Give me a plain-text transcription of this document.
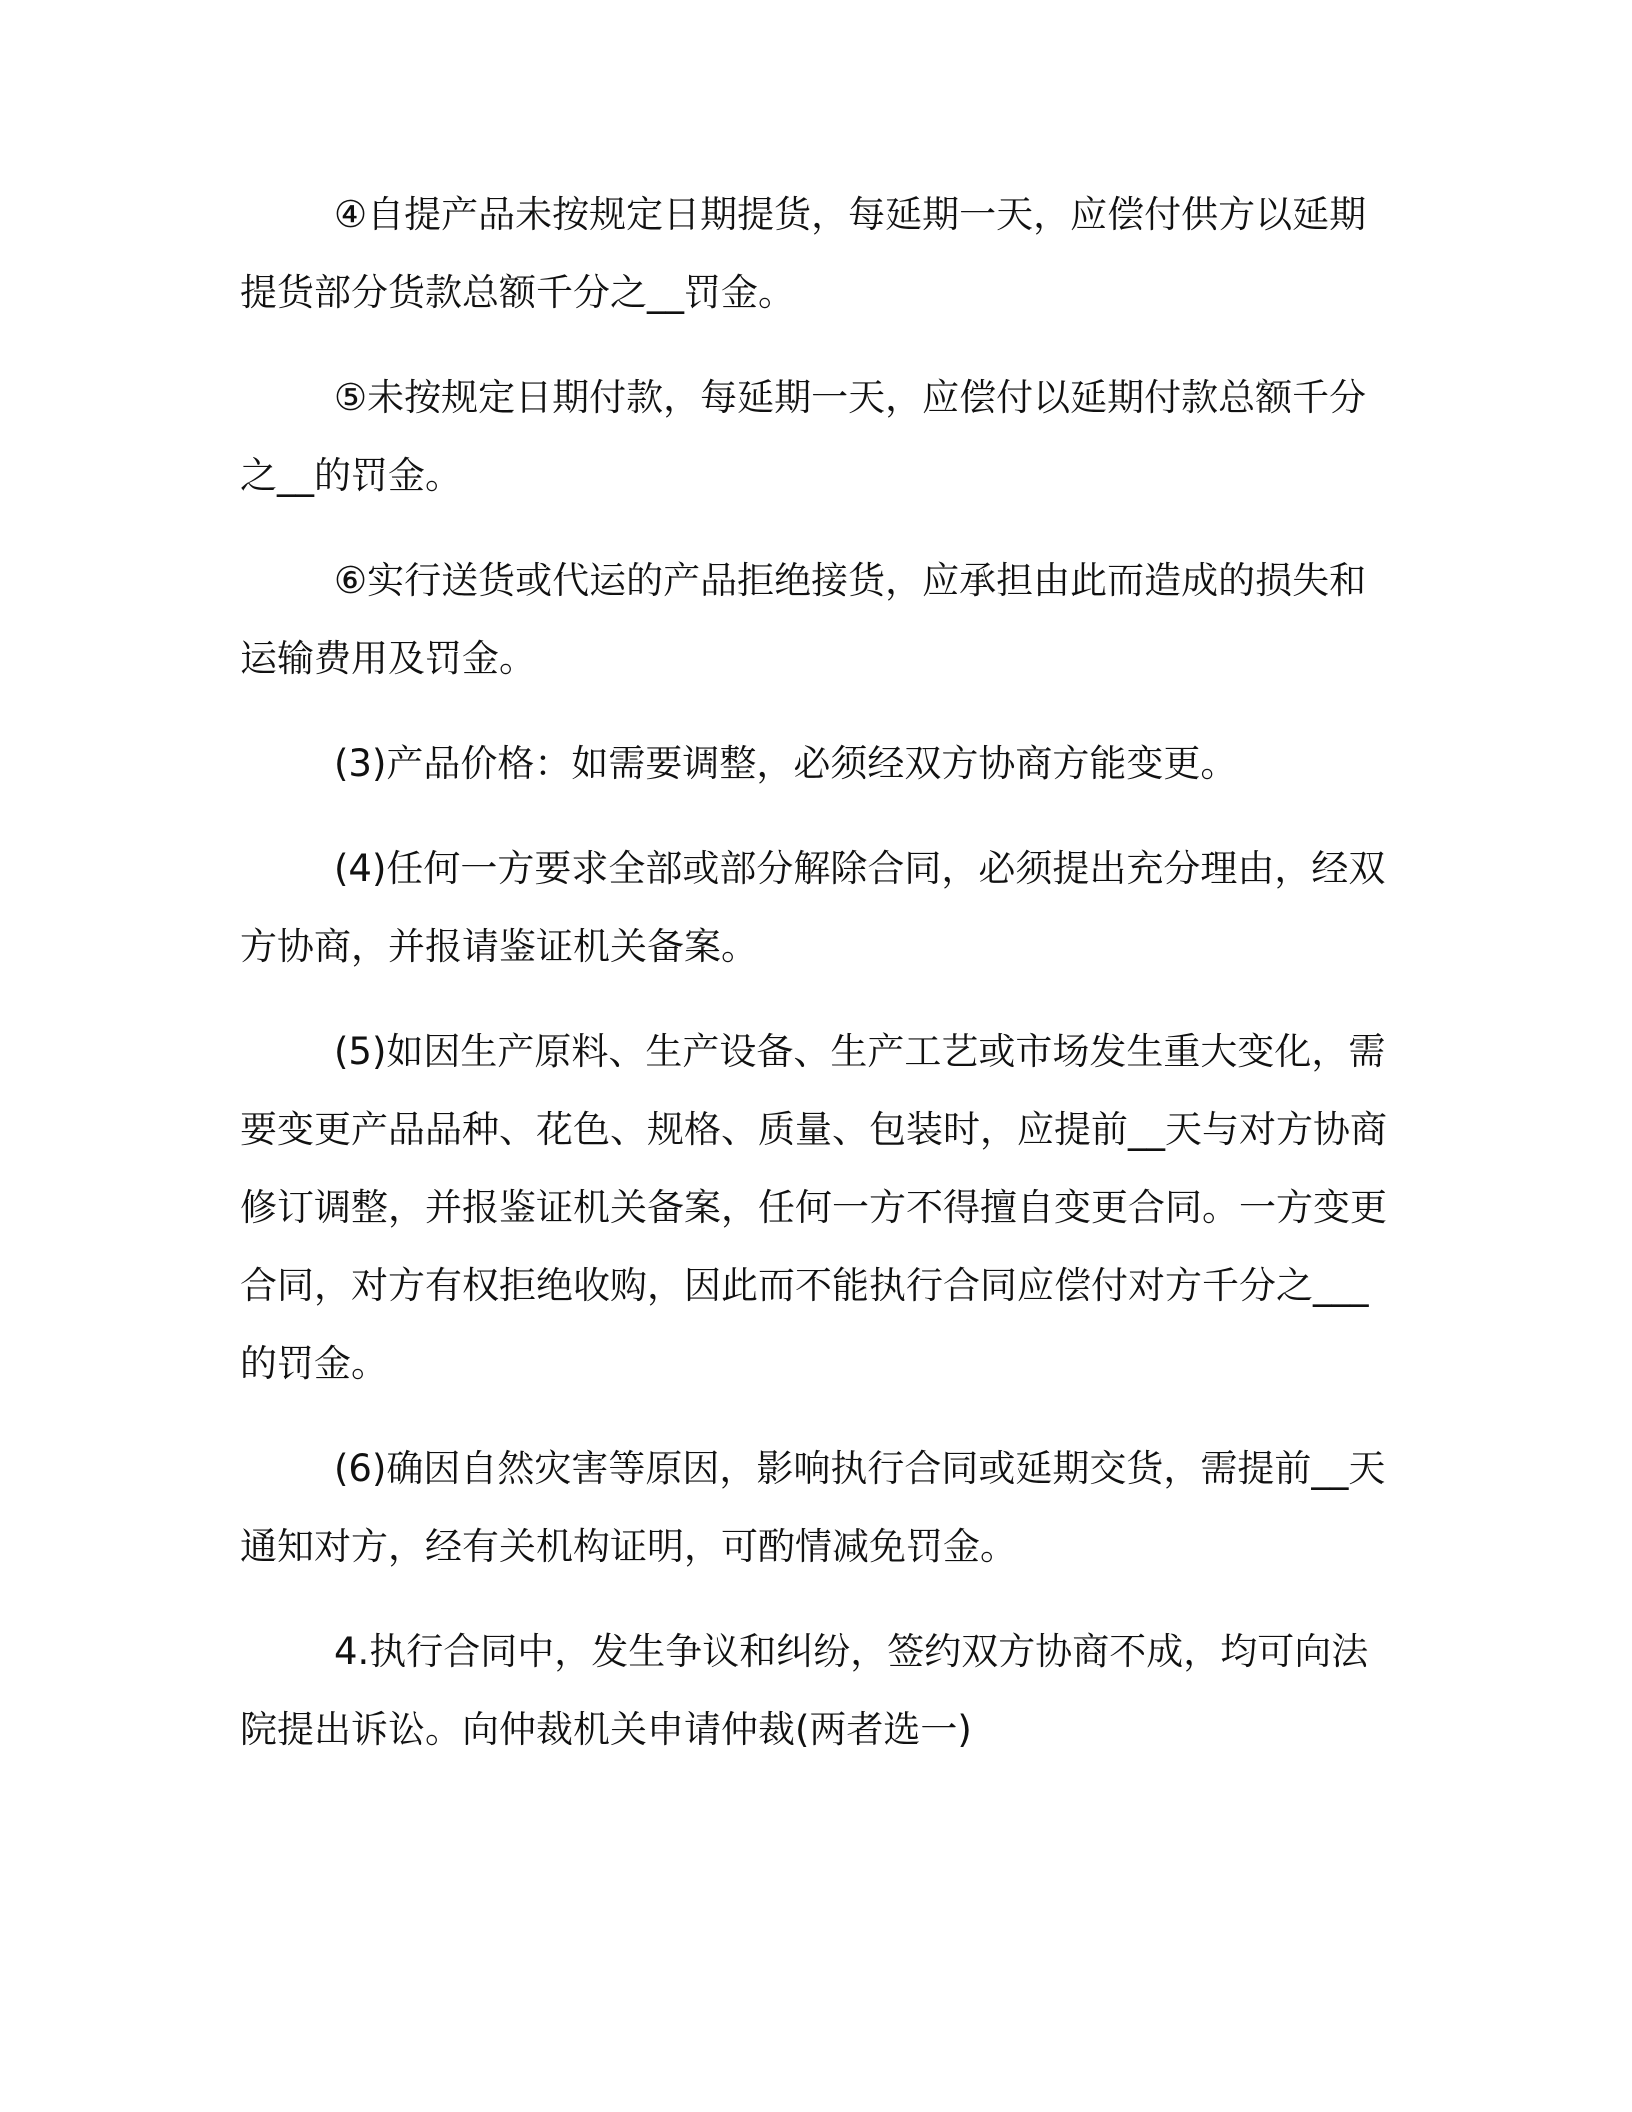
④自提产品未按规定日期提货，每延期一天，应偿付供方以延期提货部分货款总额千分之__罚金。

⑤未按规定日期付款，每延期一天，应偿付以延期付款总额千分之__的罚金。

⑥实行送货或代运的产品拒绝接货，应承担由此而造成的损失和运输费用及罚金。

(3)产品价格：如需要调整，必须经双方协商方能变更。

(4)任何一方要求全部或部分解除合同，必须提出充分理由，经双方协商，并报请鉴证机关备案。

(5)如因生产原料、生产设备、生产工艺或市场发生重大变化，需要变更产品品种、花色、规格、质量、包装时，应提前__天与对方协商修订调整，并报鉴证机关备案，任何一方不得擅自变更合同。一方变更合同，对方有权拒绝收购，因此而不能执行合同应偿付对方千分之___的罚金。

(6)确因自然灾害等原因，影响执行合同或延期交货，需提前__天通知对方，经有关机构证明，可酌情减免罚金。

4.执行合同中，发生争议和纠纷，签约双方协商不成，均可向法院提出诉讼。向仲裁机关申请仲裁(两者选一)
